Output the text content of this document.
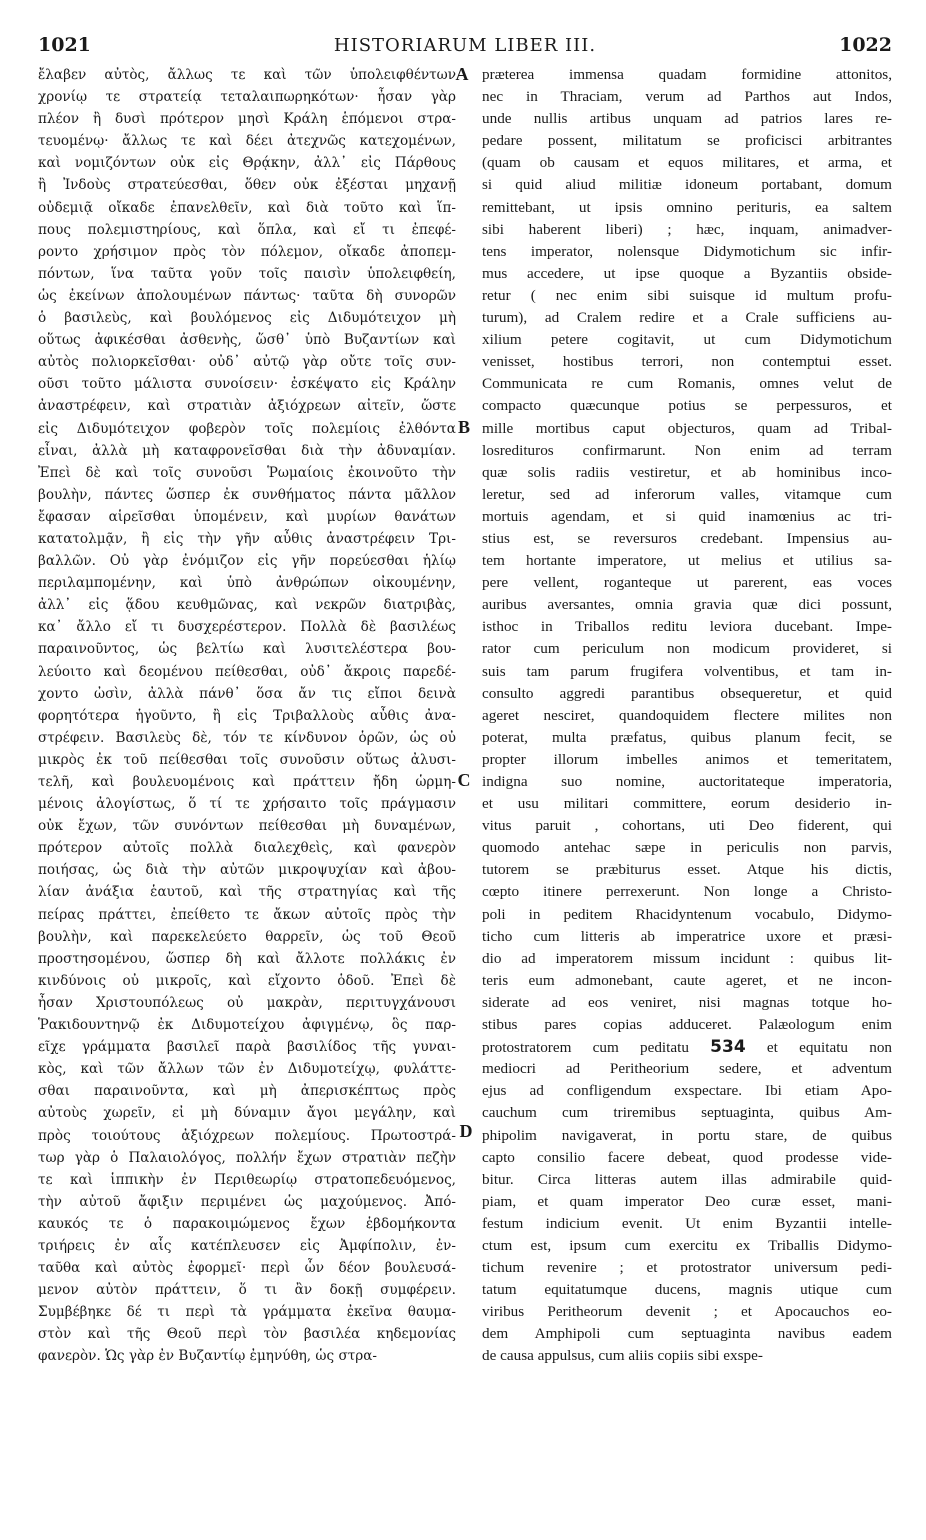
1021	HISTORIARUM LIBER III.	1022
ἔλαβεν αὐτὸς, ἄλλως τε καὶ τῶν ὑπολειφθέντων
χρονίῳ τε στρατείᾳ τεταλαιπωρηκότων· ἦσαν γὰρ
πλέον ἢ δυσὶ πρότερον μησὶ Κράλη ἑπόμενοι στρα-
τευομένῳ· ἄλλως τε καὶ δέει ἀτεχνῶς κατεχομένων,
καὶ νομιζόντων οὐκ εἰς Θρᾴκην, ἀλλ᾽ εἰς Πάρθους
ἢ Ἰνδοὺς στρατεύεσθαι, ὅθεν οὐκ ἐξέσται μηχανῇ
οὐδεμιᾷ οἴκαδε ἐπανελθεῖν, καὶ διὰ τοῦτο καὶ ἵπ-
πους πολεμιστηρίους, καὶ ὅπλα, καὶ εἴ τι ἐπεφέ-
ροντο χρήσιμον πρὸς τὸν πόλεμον, οἴκαδε ἀποπεμ-
πόντων, ἵνα ταῦτα γοῦν τοῖς παισὶν ὑπολειφθείη,
ὡς ἐκείνων ἀπολουμένων πάντως· ταῦτα δὴ συνορῶν
ὁ βασιλεὺς, καὶ βουλόμενος εἰς Διδυμότειχον μὴ
οὕτως ἀφικέσθαι ἀσθενὴς, ὥσθ᾽ ὑπὸ Βυζαντίων καὶ
αὐτὸς πολιορκεῖσθαι· οὐδ᾽ αὐτῷ γὰρ οὔτε τοῖς συν-
οῦσι τοῦτο μάλιστα συνοίσειν· ἐσκέψατο εἰς Κράλην
ἀναστρέφειν, καὶ στρατιὰν ἀξιόχρεων αἰτεῖν, ὥστε
εἰς Διδυμότειχον φοβερὸν τοῖς πολεμίοις ἐλθόντα
εἶναι, ἀλλὰ μὴ καταφρονεῖσθαι διὰ τὴν ἀδυναμίαν.
Ἐπεὶ δὲ καὶ τοῖς συνοῦσι Ῥωμαίοις ἐκοινοῦτο τὴν
βουλὴν, πάντες ὥσπερ ἐκ συνθήματος πάντα μᾶλλον
ἔφασαν αἱρεῖσθαι ὑπομένειν, καὶ μυρίων θανάτων
κατατολμᾷν, ἢ εἰς τὴν γῆν αὖθις ἀναστρέφειν Τρι-
βαλλῶν. Οὐ γὰρ ἐνόμιζον εἰς γῆν πορεύεσθαι ἡλίῳ
περιλαμπομένην, καὶ ὑπὸ ἀνθρώπων οἰκουμένην,
ἀλλ᾽ εἰς ᾅδου κευθμῶνας, καὶ νεκρῶν διατριβὰς,
κα᾽ ἄλλο εἴ τι δυσχερέστερον. Πολλὰ δὲ βασιλέως
παραινοῦντος, ὡς βελτίω καὶ λυσιτελέστερα βου-
λεύοιτο καὶ δεομένου πείθεσθαι, οὐδ᾽ ἄκροις παρεδέ-
χοντο ὠσὶν, ἀλλὰ πάνθ᾽ ὅσα ἄν τις εἴποι δεινὰ
φορητότερα ἡγοῦντο, ἢ εἰς Τριβαλλοὺς αὖθις ἀνα-
στρέφειν. Βασιλεὺς δὲ, τόν τε κίνδυνον ὁρῶν, ὡς οὐ
μικρὸς ἐκ τοῦ πείθεσθαι τοῖς συνοῦσιν οὕτως ἀλυσι-
τελῆ, καὶ βουλευομένοις καὶ πράττειν ἤδη ὡρμη-
μένοις ἀλογίστως, ὅ τί τε χρήσαιτο τοῖς πράγμασιν
οὐκ ἔχων, τῶν συνόντων πείθεσθαι μὴ δυναμένων,
πρότερον αὐτοῖς πολλὰ διαλεχθεὶς, καὶ φανερὸν
ποιήσας, ὡς διὰ τὴν αὐτῶν μικροψυχίαν καὶ ἀβου-
λίαν ἀνάξια ἑαυτοῦ, καὶ τῆς στρατηγίας καὶ τῆς
πείρας πράττει, ἐπείθετο τε ἄκων αὐτοῖς πρὸς τὴν
βουλὴν, καὶ παρεκελεύετο θαρρεῖν, ὡς τοῦ Θεοῦ
προστησομένου, ὥσπερ δὴ καὶ ἄλλοτε πολλάκις ἐν
κινδύνοις οὐ μικροῖς, καὶ εἴχοντο ὁδοῦ. Ἐπεὶ δὲ
ἦσαν Χριστουπόλεως οὐ μακρὰν, περιτυγχάνουσι
Ῥακιδουντηνῷ ἐκ Διδυμοτείχου ἀφιγμένῳ, ὃς παρ-
εῖχε γράμματα βασιλεῖ παρὰ βασιλίδος τῆς γυναι-
κὸς, καὶ τῶν ἄλλων τῶν ἐν Διδυμοτείχῳ, φυλάττε-
σθαι παραινοῦντα, καὶ μὴ ἀπερισκέπτως πρὸς
αὐτοὺς χωρεῖν, εἰ μὴ δύναμιν ἄγοι μεγάλην, καὶ
πρὸς τοιούτους ἀξιόχρεων πολεμίους. Πρωτοστρά-
τωρ γὰρ ὁ Παλαιολόγος, πολλήν ἔχων στρατιὰν πεζὴν
τε καὶ ἱππικὴν ἐν Περιθεωρίῳ στρατοπεδευόμενος,
τὴν αὐτοῦ ἄφιξιν περιμένει ὡς μαχούμενος. Ἀπό-
καυκός τε ὁ παρακοιμώμενος ἔχων ἑβδομήκοντα
τριήρεις ἐν αἷς κατέπλευσεν εἰς Ἀμφίπολιν, ἐν-
ταῦθα καὶ αὐτὸς ἐφορμεῖ· περὶ ὧν δέον βουλευσά-
μενον αὐτὸν πράττειν, ὅ τι ἂν δοκῇ συμφέρειν.
Συμβέβηκε δέ τι περὶ τὰ γράμματα ἐκεῖνα θαυμα-
στὸν καὶ τῆς Θεοῦ περὶ τὸν βασιλέα κηδεμονίας
φανερὸν. Ὡς γὰρ ἐν Βυζαντίῳ ἐμηνύθη, ὡς στρα-
præterea immensa quadam formidine attonitos,
nec in Thraciam, verum ad Parthos aut Indos,
unde nullis artibus unquam ad patrios lares re-
pedare possent, militatum se proficisci arbitrantes
(quam ob causam et equos militares, et arma, et
si quid aliud militiæ idoneum portabant, domum
remittebant, ut ipsis omnino perituris, ea saltem
sibi haberent liberi) ; hæc, inquam, animadver-
tens imperator, nolensque Didymotichum sic infir-
mus accedere, ut ipse quoque a Byzantiis obside-
retur ( nec enim sibi suisque id multum profu-
turum), ad Cralem redire et a Crale sufficiens au-
xilium petere cogitavit, ut cum Didymotichum
venisset, hostibus terrori, non contemptui esset.
Communicata re cum Romanis, omnes velut de
compacto quæcunque potius se perpessuros, et
mille mortibus caput objecturos, quam ad Tribal-
losredituros confirmarunt. Non enim ad terram
quæ solis radiis vestiretur, et ab hominibus inco-
leretur, sed ad inferorum valles, vitamque cum
mortuis agendam, et si quid inamœnius ac tri-
stius est, se reversuros credebant. Impensius au-
tem hortante imperatore, ut melius et utilius sa-
pere vellent, roganteque ut parerent, eas voces
auribus aversantes, omnia gravia quæ dici possunt,
isthoc in Triballos reditu leviora ducebant. Impe-
rator cum periculum non modicum provideret, si
suis tam parum frugifera volventibus, et tam in-
consulto aggredi parantibus obsequeretur, et quid
ageret nesciret, quandoquidem flectere milites non
poterat, multa præfatus, quibus planum fecit, se
propter illorum imbelles animos et temeritatem,
indigna suo nomine, auctoritateque imperatoria,
et usu militari committere, eorum desiderio in-
vitus paruit , cohortans, uti Deo fiderent, qui
quomodo antehac sæpe in periculis non parvis,
tutorem se præbiturus esset. Atque his dictis,
cœpto itinere perrexerunt. Non longe a Christo-
poli in peditem Rhacidyntenum vocabulo, Didymo-
ticho cum litteris ab imperatrice uxore et præsi-
dio ad imperatorem missum incidunt : quibus lit-
teris eum admonebant, caute ageret, et ne incon-
siderate ad eos veniret, nisi magnas totque ho-
stibus pares copias adduceret. Palæologum enim
protostratorem cum peditatu 534 et equitatu non
mediocri ad Peritheorium sedere, et adventum
ejus ad confligendum exspectare. Ibi etiam Apo-
cauchum cum triremibus septuaginta, quibus Am-
phipolim navigaverat, in portu stare, de quibus
capto consilio facere debeat, quod prodesse vide-
bitur. Circa litteras autem illas admirabile quid-
piam, et quam imperator Deo curæ esset, mani-
festum indicium evenit. Ut enim Byzantii intelle-
ctum est, ipsum cum exercitu ex Triballis Didymo-
tichum revenire ; et protostrator universum pedi-
tatum equitatumque ducens, magnis utique cum
viribus Peritheorum devenit ; et Apocauchos eo-
dem Amphipoli cum septuaginta navibus eadem
de causa appulsus, cum aliis copiis sibi exspe-
A
B
C
D
